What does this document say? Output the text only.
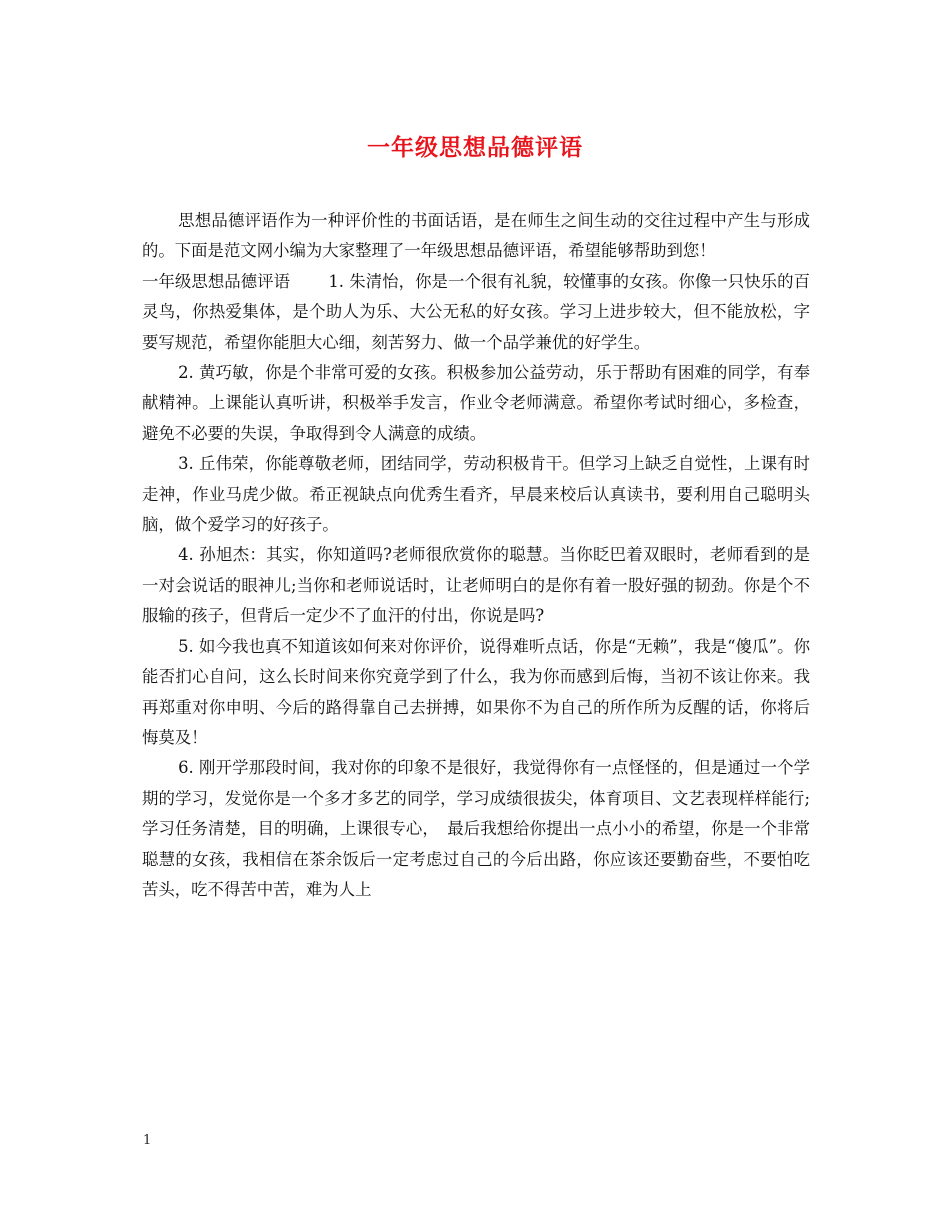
一年级思想品德评语

思想品德评语作为一种评价性的书面话语，是在师生之间生动的交往过程中产生与形成的。下面是范文网小编为大家整理了一年级思想品德评语，希望能够帮助到您！

一年级思想品德评语　　 1. 朱清怡，你是一个很有礼貌，较懂事的女孩。你像一只快乐的百灵鸟，你热爱集体，是个助人为乐、大公无私的好女孩。学习上进步较大，但不能放松，字要写规范，希望你能胆大心细，刻苦努力、做一个品学兼优的好学生。

2. 黄巧敏，你是个非常可爱的女孩。积极参加公益劳动，乐于帮助有困难的同学，有奉献精神。上课能认真听讲，积极举手发言，作业令老师满意。希望你考试时细心，多检查，避免不必要的失误，争取得到令人满意的成绩。

3. 丘伟荣，你能尊敬老师，团结同学，劳动积极肯干。但学习上缺乏自觉性，上课有时走神，作业马虎少做。希正视缺点向优秀生看齐，早晨来校后认真读书，要利用自己聪明头脑，做个爱学习的好孩子。

4. 孙旭杰：其实，你知道吗?老师很欣赏你的聪慧。当你眨巴着双眼时，老师看到的是一对会说话的眼神儿;当你和老师说话时，让老师明白的是你有着一股好强的韧劲。你是个不服输的孩子，但背后一定少不了血汗的付出，你说是吗?

5. 如今我也真不知道该如何来对你评价，说得难听点话，你是“无赖”，我是“傻瓜”。你能否扪心自问，这么长时间来你究竟学到了什么，我为你而感到后悔，当初不该让你来。我再郑重对你申明、今后的路得靠自己去拼搏，如果你不为自己的所作所为反醒的话，你将后悔莫及！

6. 刚开学那段时间，我对你的印象不是很好，我觉得你有一点怪怪的，但是通过一个学期的学习，发觉你是一个多才多艺的同学，学习成绩很拔尖，体育项目、文艺表现样样能行;学习任务清楚，目的明确，上课很专心，　最后我想给你提出一点小小的希望，你是一个非常聪慧的女孩，我相信在茶余饭后一定考虑过自己的今后出路，你应该还要勤奋些，不要怕吃苦头，吃不得苦中苦，难为人上

1
